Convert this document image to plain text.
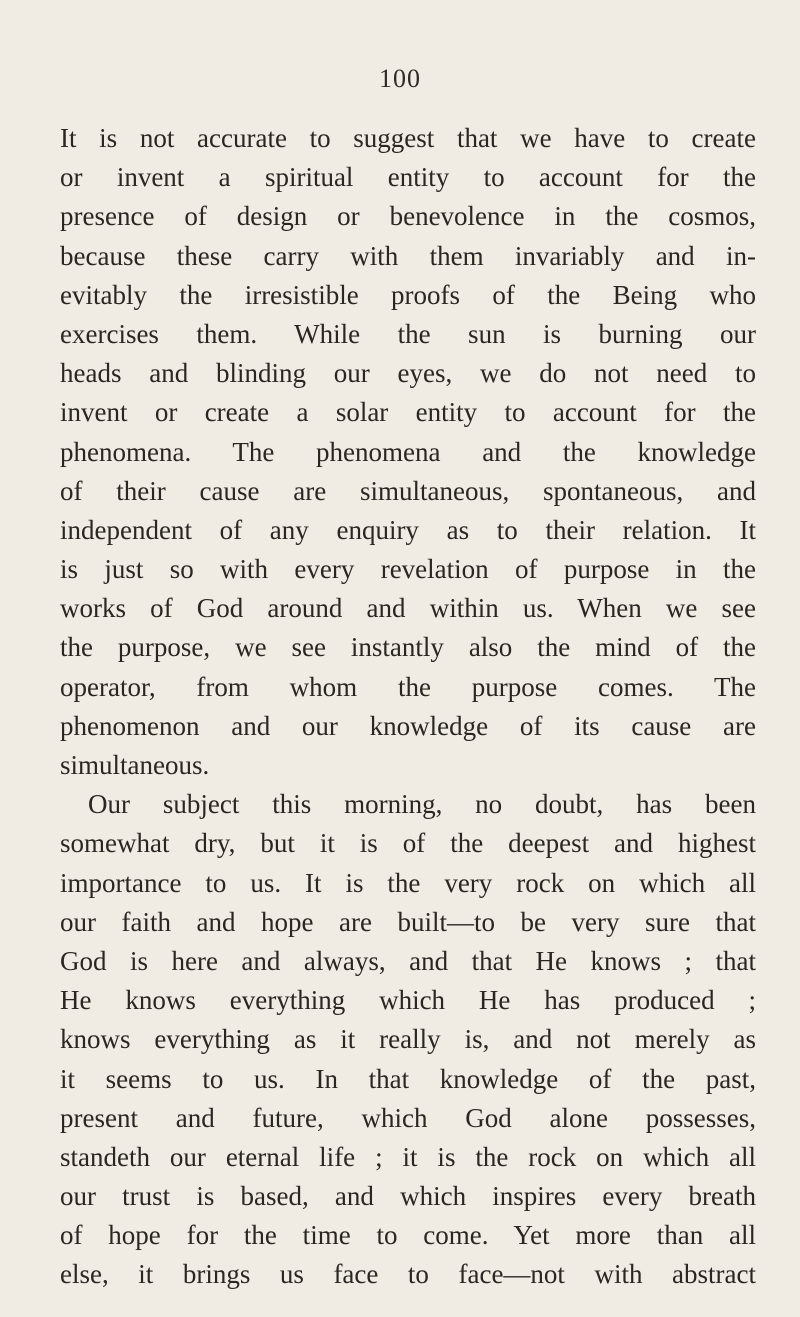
100
It is not accurate to suggest that we have to create
or invent a spiritual entity to account for the
presence of design or benevolence in the cosmos,
because these carry with them invariably and in-
evitably the irresistible proofs of the Being who
exercises them. While the sun is burning our
heads and blinding our eyes, we do not need to
invent or create a solar entity to account for the
phenomena. The phenomena and the knowledge
of their cause are simultaneous, spontaneous, and
independent of any enquiry as to their relation. It
is just so with every revelation of purpose in the
works of God around and within us. When we see
the purpose, we see instantly also the mind of the
operator, from whom the purpose comes. The
phenomenon and our knowledge of its cause are
simultaneous.
Our subject this morning, no doubt, has been
somewhat dry, but it is of the deepest and highest
importance to us. It is the very rock on which all
our faith and hope are built—to be very sure that
God is here and always, and that He knows ; that
He knows everything which He has produced ;
knows everything as it really is, and not merely as
it seems to us. In that knowledge of the past,
present and future, which God alone possesses,
standeth our eternal life ; it is the rock on which all
our trust is based, and which inspires every breath
of hope for the time to come. Yet more than all
else, it brings us face to face—not with abstract
